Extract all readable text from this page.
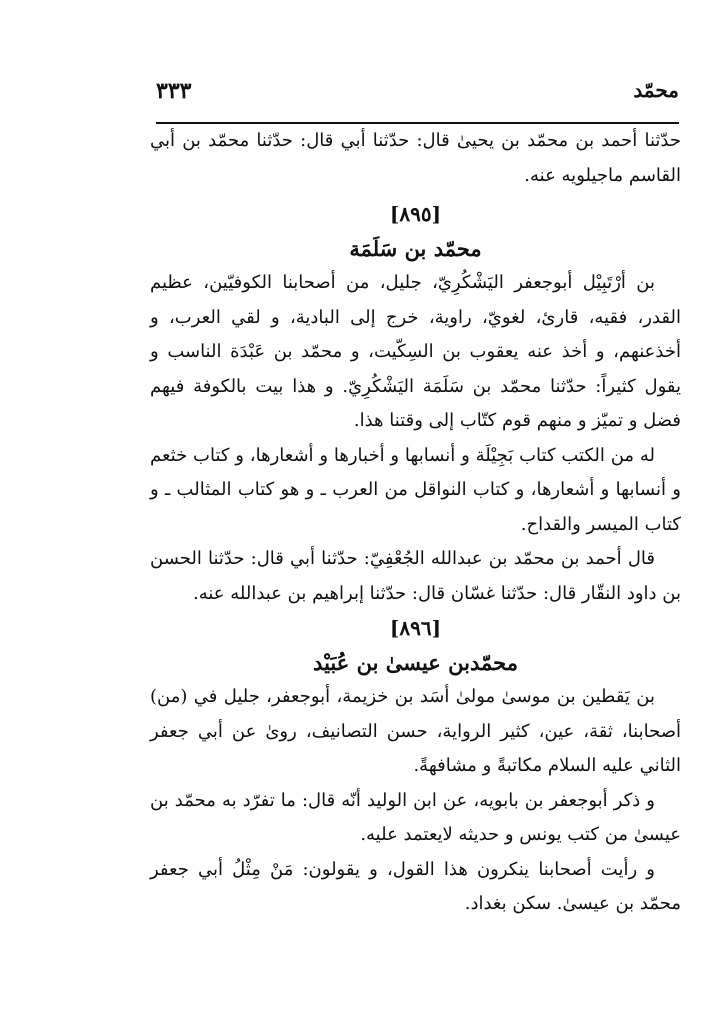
محمّد
٣٣٣

حدّثنا أحمد بن محمّد بن يحيىٰ قال: حدّثنا أبي قال: حدّثنا محمّد بن أبي القاسم ماجيلويه عنه.

[٨٩٥]

محمّد بن سَلَمَة

بن أرْتَبِيْل أبوجعفر اليَشْكُرِيّ، جليل، من أصحابنا الكوفيّين، عظيم القدر، فقيه، قارئ، لغويّ، راوية، خرج إلى البادية، و لقي العرب، و أخذعنهم، و أخذ عنه يعقوب بن السِكّيت، و محمّد بن عَبْدَة الناسب و يقول كثيراً: حدّثنا محمّد بن سَلَمَة اليَشْكُرِيّ. و هذا بيت بالكوفة فيهم فضل و تميّز و منهم قوم كتّاب إلى وقتنا هذا.

له من الكتب كتاب بَجِيْلَة و أنسابها و أخبارها و أشعارها، و كتاب خثعم و أنسابها و أشعارها، و كتاب النواقل من العرب ـ و هو كتاب المثالب ـ و كتاب الميسر والقداح.

قال أحمد بن محمّد بن عبدالله الجُعْفِيّ: حدّثنا أبي قال: حدّثنا الحسن بن داود النقّار قال: حدّثنا غسّان قال: حدّثنا إبراهيم بن عبدالله عنه.

[٨٩٦]

محمّدبن عيسىٰ بن عُبَيْد

بن يَقطين بن موسىٰ مولىٰ أسَد بن خزيمة، أبوجعفر، جليل في (من) أصحابنا، ثقة، عين، كثير الرواية، حسن التصانيف، روىٰ عن أبي جعفر الثاني عليه السلام مكاتبةً و مشافهةً.

و ذكر أبوجعفر بن بابويه، عن ابن الوليد أنّه قال: ما تفرّد به محمّد بن عيسىٰ من كتب يونس و حديثه لايعتمد عليه.

و رأيت أصحابنا ينكرون هذا القول، و يقولون: مَنْ مِثْلُ أبي جعفر محمّد بن عيسىٰ. سكن بغداد.
